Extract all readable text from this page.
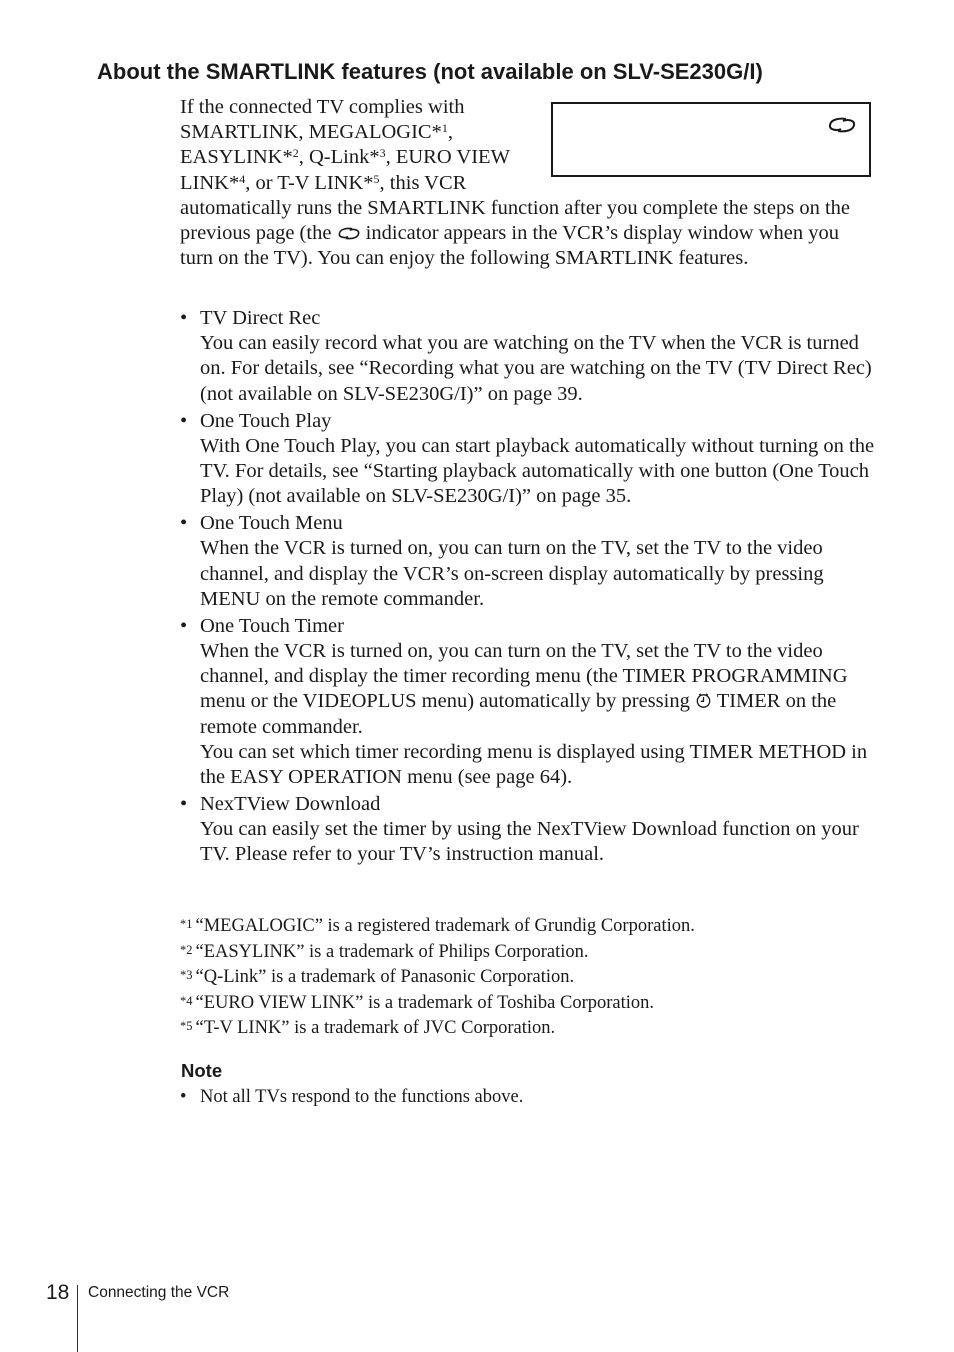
About the SMARTLINK features (not available on SLV-SE230G/I)
If the connected TV complies with SMARTLINK, MEGALOGIC*$^1$, EASYLINK*$^2$, Q-Link*$^3$, EURO VIEW LINK*$^4$, or T-V LINK*$^5$, this VCR automatically runs the SMARTLINK function after you complete the steps on the previous page (the  indicator appears in the VCR’s display window when you turn on the TV). You can enjoy the following SMARTLINK features.
• TV Direct Rec
You can easily record what you are watching on the TV when the VCR is turned on. For details, see “Recording what you are watching on the TV (TV Direct Rec) (not available on SLV-SE230G/I)” on page 39.
• One Touch Play
With One Touch Play, you can start playback automatically without turning on the TV. For details, see “Starting playback automatically with one button (One Touch Play) (not available on SLV-SE230G/I)” on page 35.
• One Touch Menu
When the VCR is turned on, you can turn on the TV, set the TV to the video channel, and display the VCR’s on-screen display automatically by pressing MENU on the remote commander.
• One Touch Timer
When the VCR is turned on, you can turn on the TV, set the TV to the video channel, and display the timer recording menu (the TIMER PROGRAMMING menu or the VIDEOPLUS menu) automatically by pressing  TIMER on the remote commander.
You can set which timer recording menu is displayed using TIMER METHOD in the EASY OPERATION menu (see page 64).
• NexTView Download
You can easily set the timer by using the NexTView Download function on your TV. Please refer to your TV’s instruction manual.
*1 “MEGALOGIC” is a registered trademark of Grundig Corporation.
*2 “EASYLINK” is a trademark of Philips Corporation.
*3 “Q-Link” is a trademark of Panasonic Corporation.
*4 “EURO VIEW LINK” is a trademark of Toshiba Corporation.
*5 “T-V LINK” is a trademark of JVC Corporation.
Note
• Not all TVs respond to the functions above.
18 Connecting the VCR
